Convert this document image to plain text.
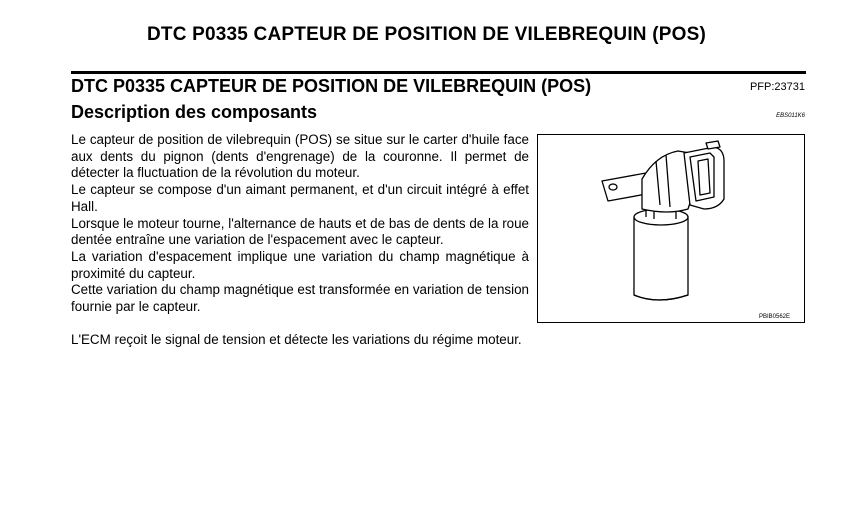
DTC P0335 CAPTEUR DE POSITION DE VILEBREQUIN (POS)
DTC P0335 CAPTEUR DE POSITION DE VILEBREQUIN (POS)	PFP:23731
Description des composants	EBS011K6

Le capteur de position de vilebrequin (POS) se situe sur le carter d'huile face aux dents du pignon (dents d'engrenage) de la couronne. Il permet de détecter la fluctuation de la révolution du moteur.

Le capteur se compose d'un aimant permanent, et d'un circuit intégré à effet Hall.

Lorsque le moteur tourne, l'alternance de hauts et de bas de dents de la roue dentée entraîne une variation de l'espacement avec le capteur.

La variation d'espacement implique une variation du champ magnétique à proximité du capteur.

Cette variation du champ magnétique est transformée en variation de tension fournie par le capteur.

L'ECM reçoit le signal de tension et détecte les variations du régime moteur.
PBIB0562E
